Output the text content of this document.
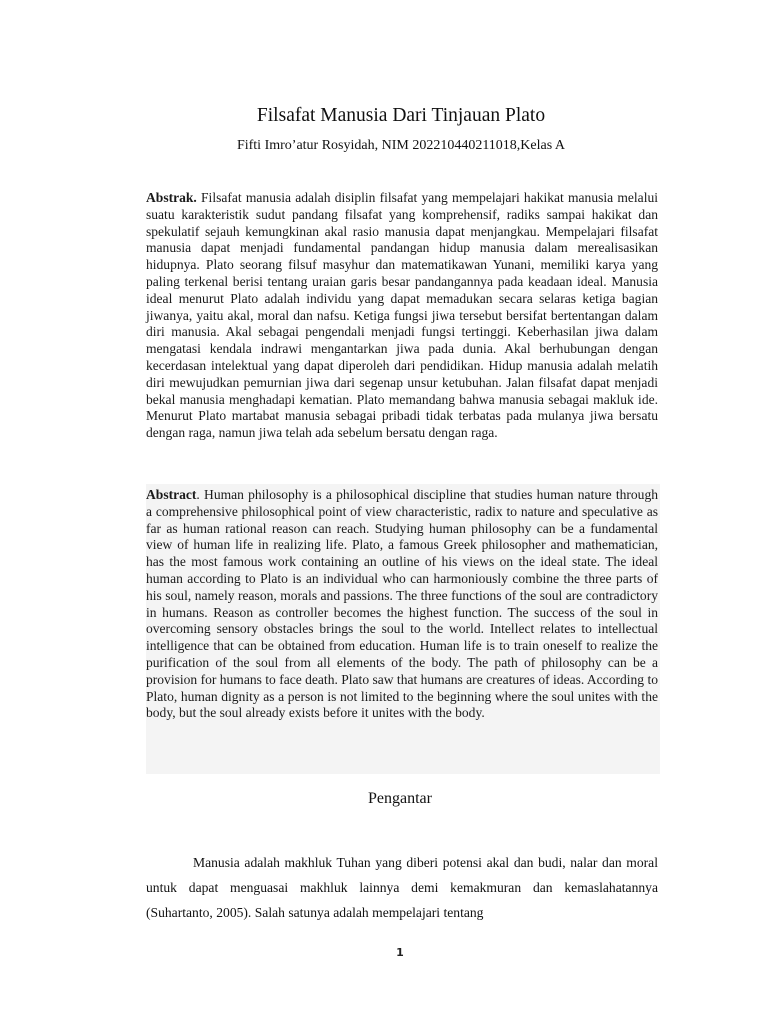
Filsafat Manusia Dari Tinjauan Plato
Fifti Imro’atur Rosyidah, NIM 202210440211018,Kelas A

Abstrak. Filsafat manusia adalah disiplin filsafat yang mempelajari hakikat manusia melalui suatu karakteristik sudut pandang filsafat yang komprehensif, radiks sampai hakikat dan spekulatif sejauh kemungkinan akal rasio manusia dapat menjangkau. Mempelajari filsafat manusia dapat menjadi fundamental pandangan hidup manusia dalam merealisasikan hidupnya. Plato seorang filsuf masyhur dan matematikawan Yunani, memiliki karya yang paling terkenal berisi tentang uraian garis besar pandangannya pada keadaan ideal. Manusia ideal menurut Plato adalah individu yang dapat memadukan secara selaras ketiga bagian jiwanya, yaitu akal, moral dan nafsu. Ketiga fungsi jiwa tersebut bersifat bertentangan dalam diri manusia. Akal sebagai pengendali menjadi fungsi tertinggi. Keberhasilan jiwa dalam mengatasi kendala indrawi mengantarkan jiwa pada dunia. Akal berhubungan dengan kecerdasan intelektual yang dapat diperoleh dari pendidikan. Hidup manusia adalah melatih diri mewujudkan pemurnian jiwa dari segenap unsur ketubuhan. Jalan filsafat dapat menjadi bekal manusia menghadapi kematian. Plato memandang bahwa manusia sebagai makluk ide. Menurut Plato martabat manusia sebagai pribadi tidak terbatas pada mulanya jiwa bersatu dengan raga, namun jiwa telah ada sebelum bersatu dengan raga.

Abstract. Human philosophy is a philosophical discipline that studies human nature through a comprehensive philosophical point of view characteristic, radix to nature and speculative as far as human rational reason can reach. Studying human philosophy can be a fundamental view of human life in realizing life. Plato, a famous Greek philosopher and mathematician, has the most famous work containing an outline of his views on the ideal state. The ideal human according to Plato is an individual who can harmoniously combine the three parts of his soul, namely reason, morals and passions. The three functions of the soul are contradictory in humans. Reason as controller becomes the highest function. The success of the soul in overcoming sensory obstacles brings the soul to the world. Intellect relates to intellectual intelligence that can be obtained from education. Human life is to train oneself to realize the purification of the soul from all elements of the body. The path of philosophy can be a provision for humans to face death. Plato saw that humans are creatures of ideas. According to Plato, human dignity as a person is not limited to the beginning where the soul unites with the body, but the soul already exists before it unites with the body.

Pengantar

Manusia adalah makhluk Tuhan yang diberi potensi akal dan budi, nalar dan moral untuk dapat menguasai makhluk lainnya demi kemakmuran dan kemaslahatannya (Suhartanto, 2005). Salah satunya adalah mempelajari tentang

1
